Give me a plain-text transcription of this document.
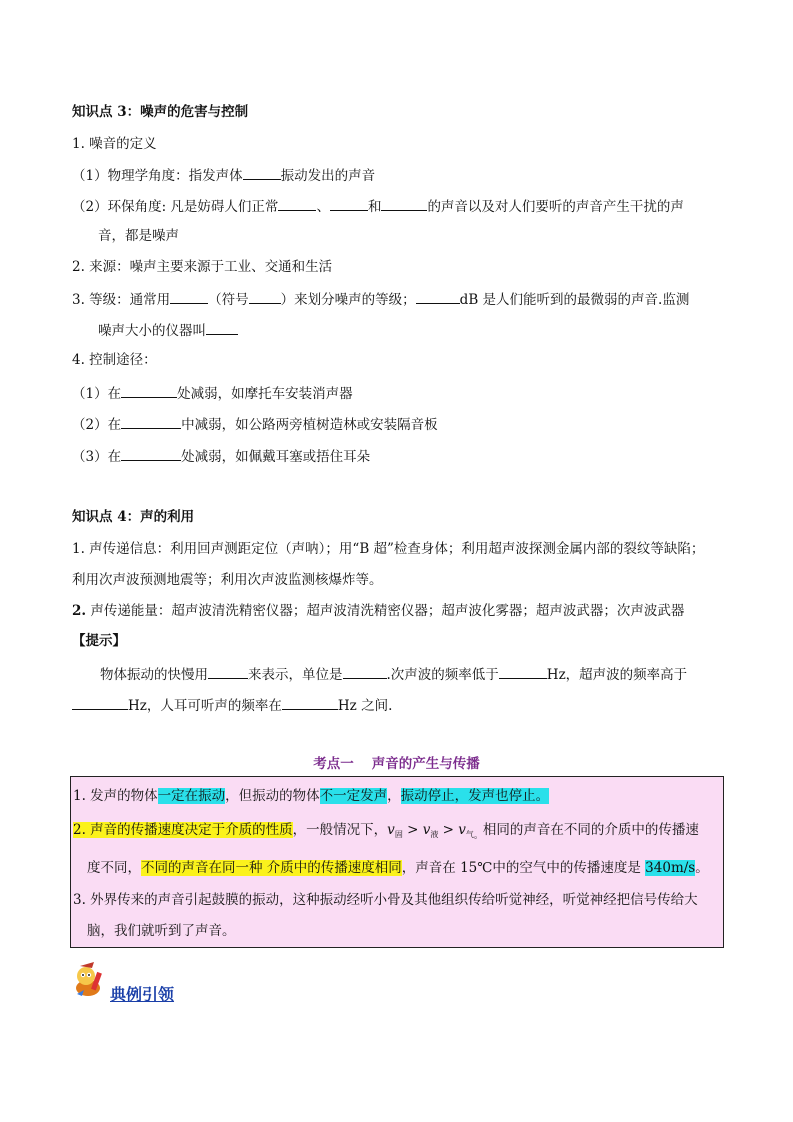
知识点 3：噪声的危害与控制
1. 噪音的定义
（1）物理学角度：指发声体	振动发出的声音
（2）环保角度: 凡是妨碍人们正常	、	和	的声音以及对人们要听的声音产生干扰的声
音，都是噪声
2. 来源：噪声主要来源于工业、交通和生活
3. 等级：通常用	（符号 ）来划分噪声的等级；	dB 是人们能听到的最微弱的声音.监测
噪声大小的仪器叫
4. 控制途径：
（1）在	处减弱，如摩托车安装消声器
（2）在	中减弱，如公路两旁植树造林或安装隔音板
（3）在	处减弱，如佩戴耳塞或捂住耳朵
知识点 4：声的利用
1. 声传递信息：利用回声测距定位（声呐）；用“B 超”检查身体；利用超声波探测金属内部的裂纹等缺陷；
利用次声波预测地震等；利用次声波监测核爆炸等。
2. 声传递能量：超声波清洗精密仪器；超声波清洗精密仪器；超声波化雾器；超声波武器；次声波武器
【提示】
物体振动的快慢用	来表示，单位是	.次声波的频率低于	Hz，超声波的频率高于
Hz，人耳可听声的频率在	Hz 之间.
考点一 声音的产生与传播
1. 发声的物体一定在振动，但振动的物体不一定发声，振动停止，发声也停止。
2. 声音的传播速度决定于介质的性质，一般情况下，$v_固 > v_液 > v_{气。}$相同的声音在不同的介质中的传播速
度不同，不同的声音在同一种 介质中的传播速度相同，声音在 15℃中的空气中的传播速度是 340m/s。
3. 外界传来的声音引起鼓膜的振动，这种振动经听小骨及其他组织传给听觉神经，听觉神经把信号传给大
脑，我们就听到了声音。
典例引领
